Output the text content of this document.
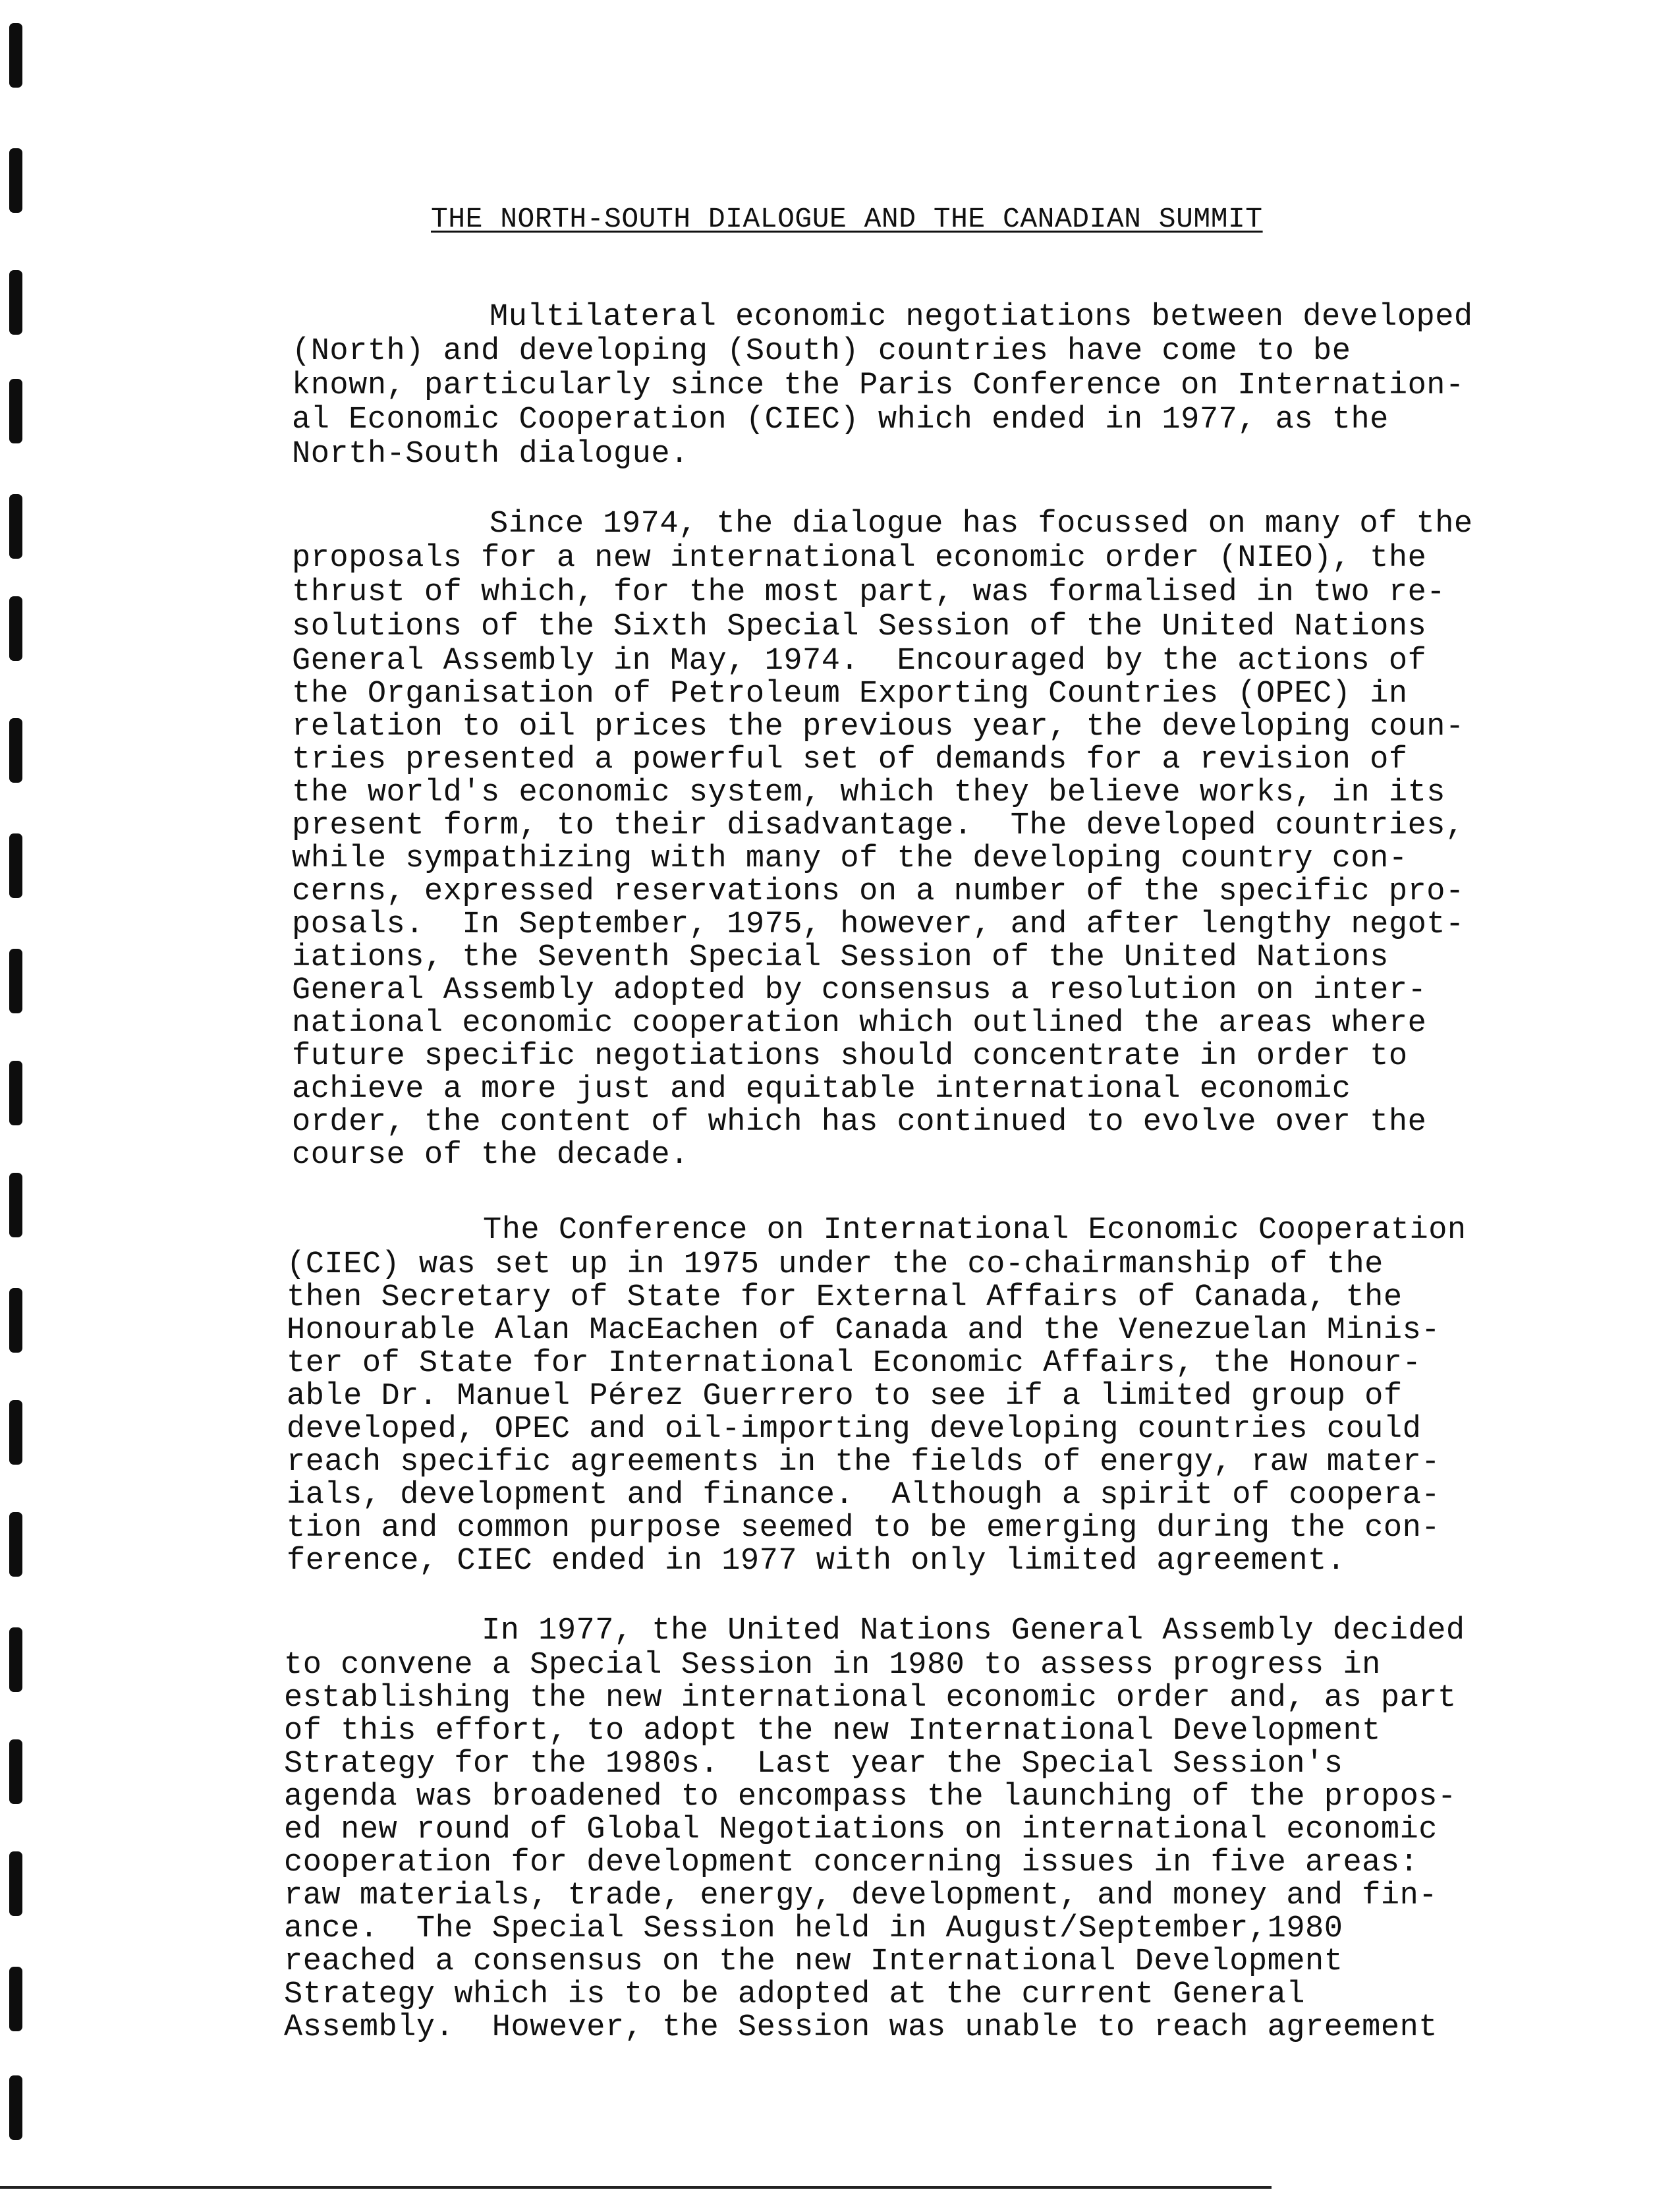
THE NORTH-SOUTH DIALOGUE AND THE CANADIAN SUMMIT
Multilateral economic negotiations between developed
(North) and developing (South) countries have come to be
known, particularly since the Paris Conference on Internation-
al Economic Cooperation (CIEC) which ended in 1977, as the
North-South dialogue.
Since 1974, the dialogue has focussed on many of the
proposals for a new international economic order (NIEO), the
thrust of which, for the most part, was formalised in two re-
solutions of the Sixth Special Session of the United Nations
General Assembly in May, 1974.  Encouraged by the actions of
the Organisation of Petroleum Exporting Countries (OPEC) in
relation to oil prices the previous year, the developing coun-
tries presented a powerful set of demands for a revision of
the world's economic system, which they believe works, in its
present form, to their disadvantage.  The developed countries,
while sympathizing with many of the developing country con-
cerns, expressed reservations on a number of the specific pro-
posals.  In September, 1975, however, and after lengthy negot-
iations, the Seventh Special Session of the United Nations
General Assembly adopted by consensus a resolution on inter-
national economic cooperation which outlined the areas where
future specific negotiations should concentrate in order to
achieve a more just and equitable international economic
order, the content of which has continued to evolve over the
course of the decade.
The Conference on International Economic Cooperation
(CIEC) was set up in 1975 under the co-chairmanship of the
then Secretary of State for External Affairs of Canada, the
Honourable Alan MacEachen of Canada and the Venezuelan Minis-
ter of State for International Economic Affairs, the Honour-
able Dr. Manuel Pérez Guerrero to see if a limited group of
developed, OPEC and oil-importing developing countries could
reach specific agreements in the fields of energy, raw mater-
ials, development and finance.  Although a spirit of coopera-
tion and common purpose seemed to be emerging during the con-
ference, CIEC ended in 1977 with only limited agreement.
In 1977, the United Nations General Assembly decided
to convene a Special Session in 1980 to assess progress in
establishing the new international economic order and, as part
of this effort, to adopt the new International Development
Strategy for the 1980s.  Last year the Special Session's
agenda was broadened to encompass the launching of the propos-
ed new round of Global Negotiations on international economic
cooperation for development concerning issues in five areas:
raw materials, trade, energy, development, and money and fin-
ance.  The Special Session held in August/September,1980
reached a consensus on the new International Development
Strategy which is to be adopted at the current General
Assembly.  However, the Session was unable to reach agreement
